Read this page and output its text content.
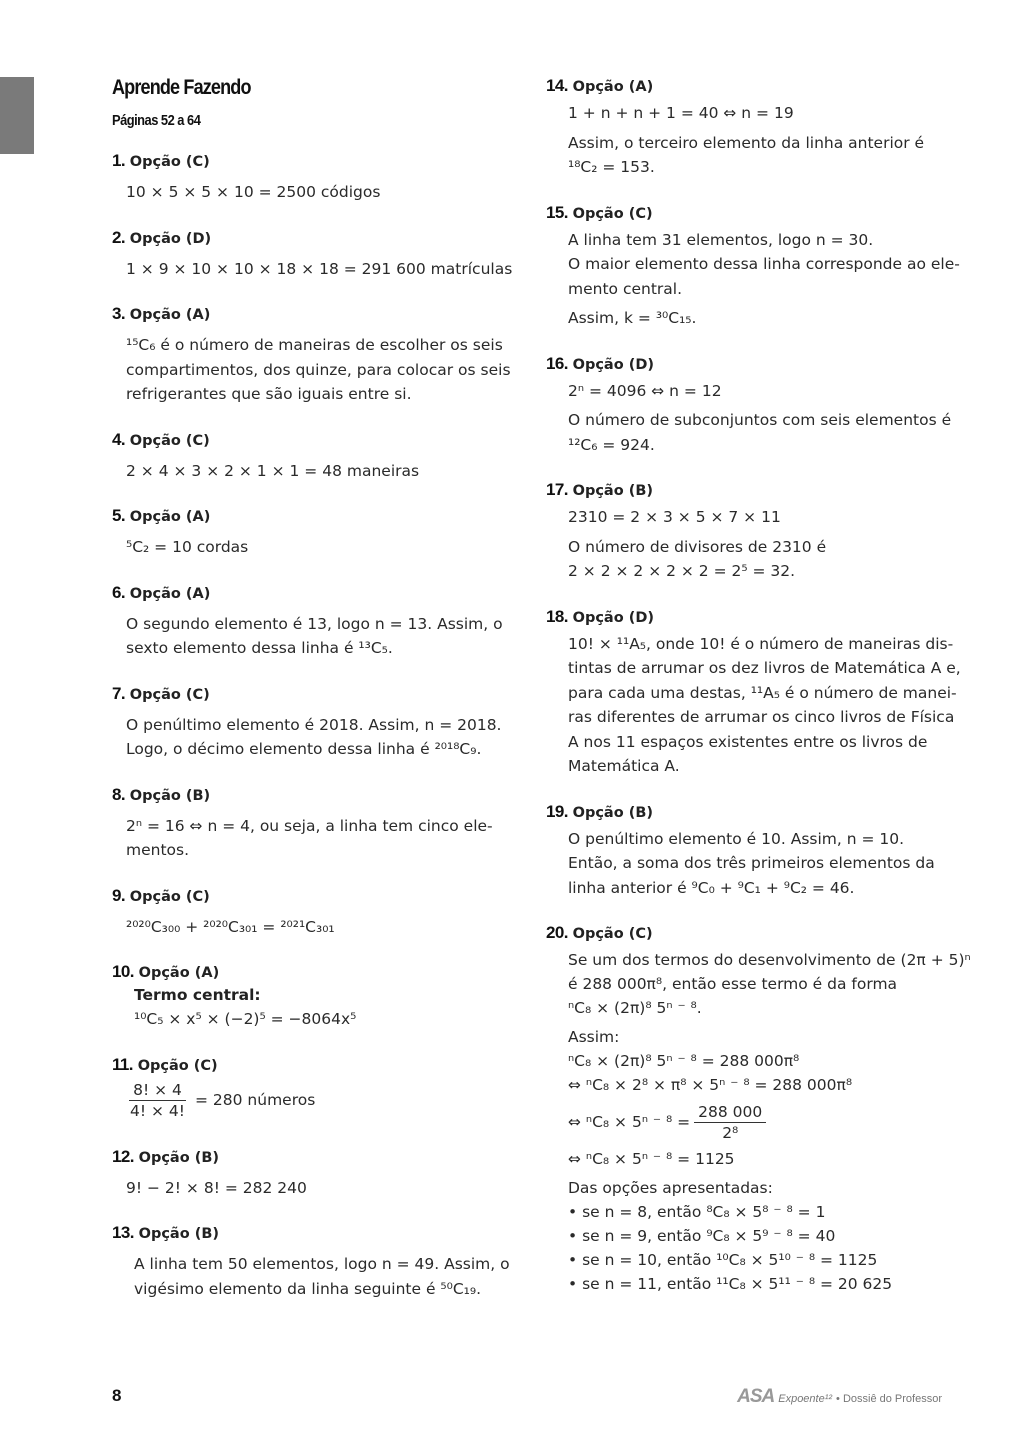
Aprende Fazendo
Páginas 52 a 64
1. Opção (C)
10 × 5 × 5 × 10 = 2500 códigos
2. Opção (D)
1 × 9 × 10 × 10 × 18 × 18 = 291 600 matrículas
3. Opção (A)
¹⁵C₆ é o número de maneiras de escolher os seis
compartimentos, dos quinze, para colocar os seis
refrigerantes que são iguais entre si.
4. Opção (C)
2 × 4 × 3 × 2 × 1 × 1 = 48 maneiras
5. Opção (A)
⁵C₂ = 10 cordas
6. Opção (A)
O segundo elemento é 13, logo n = 13. Assim, o
sexto elemento dessa linha é ¹³C₅.
7. Opção (C)
O penúltimo elemento é 2018. Assim, n = 2018.
Logo, o décimo elemento dessa linha é ²⁰¹⁸C₉.
8. Opção (B)
2ⁿ = 16 ⇔ n = 4, ou seja, a linha tem cinco ele-
mentos.
9. Opção (C)
²⁰²⁰C₃₀₀ + ²⁰²⁰C₃₀₁ = ²⁰²¹C₃₀₁
10. Opção (A)
Termo central:
¹⁰C₅ × x⁵ × (−2)⁵ = −8064x⁵
11. Opção (C)
$\frac{8! \times 4}{4! \times 4!} = 280$ números
12. Opção (B)
9! − 2! × 8! = 282 240
13. Opção (B)
A linha tem 50 elementos, logo n = 49. Assim, o
vigésimo elemento da linha seguinte é ⁵⁰C₁₉.
14. Opção (A)
1 + n + n + 1 = 40 ⇔ n = 19
Assim, o terceiro elemento da linha anterior é
¹⁸C₂ = 153.
15. Opção (C)
A linha tem 31 elementos, logo n = 30.
O maior elemento dessa linha corresponde ao ele-
mento central.
Assim, k = ³⁰C₁₅.
16. Opção (D)
2ⁿ = 4096 ⇔ n = 12
O número de subconjuntos com seis elementos é
¹²C₆ = 924.
17. Opção (B)
2310 = 2 × 3 × 5 × 7 × 11
O número de divisores de 2310 é
2 × 2 × 2 × 2 × 2 = 2⁵ = 32.
18. Opção (D)
10! × ¹¹A₅, onde 10! é o número de maneiras dis-
tintas de arrumar os dez livros de Matemática A e,
para cada uma destas, ¹¹A₅ é o número de manei-
ras diferentes de arrumar os cinco livros de Física
A nos 11 espaços existentes entre os livros de
Matemática A.
19. Opção (B)
O penúltimo elemento é 10. Assim, n = 10.
Então, a soma dos três primeiros elementos da
linha anterior é ⁹C₀ + ⁹C₁ + ⁹C₂ = 46.
20. Opção (C)
Se um dos termos do desenvolvimento de (2π + 5)ⁿ
é 288 000π⁸, então esse termo é da forma
ⁿC₈ × (2π)⁸ 5ⁿ ⁻ ⁸.
Assim:
ⁿC₈ × (2π)⁸ 5ⁿ ⁻ ⁸ = 288 000π⁸
⇔ ⁿC₈ × 2⁸ × π⁸ × 5ⁿ ⁻ ⁸ = 288 000π⁸
⇔ ⁿC₈ × 5ⁿ ⁻ $^8 = \frac{288 000}{\text{2⁸}}$
⇔ ⁿC₈ × 5ⁿ ⁻ ⁸ = 1125
Das opções apresentadas:
• se n = 8, então ⁸C₈ × 5⁸ ⁻ ⁸ = 1
• se n = 9, então ⁹C₈ × 5⁹ ⁻ ⁸ = 40
• se n = 10, então ¹⁰C₈ × 5¹⁰ ⁻ ⁸ = 1125
• se n = 11, então ¹¹C₈ × 5¹¹ ⁻ ⁸ = 20 625
8	ASA Expoente¹² • Dossiê do Professor
